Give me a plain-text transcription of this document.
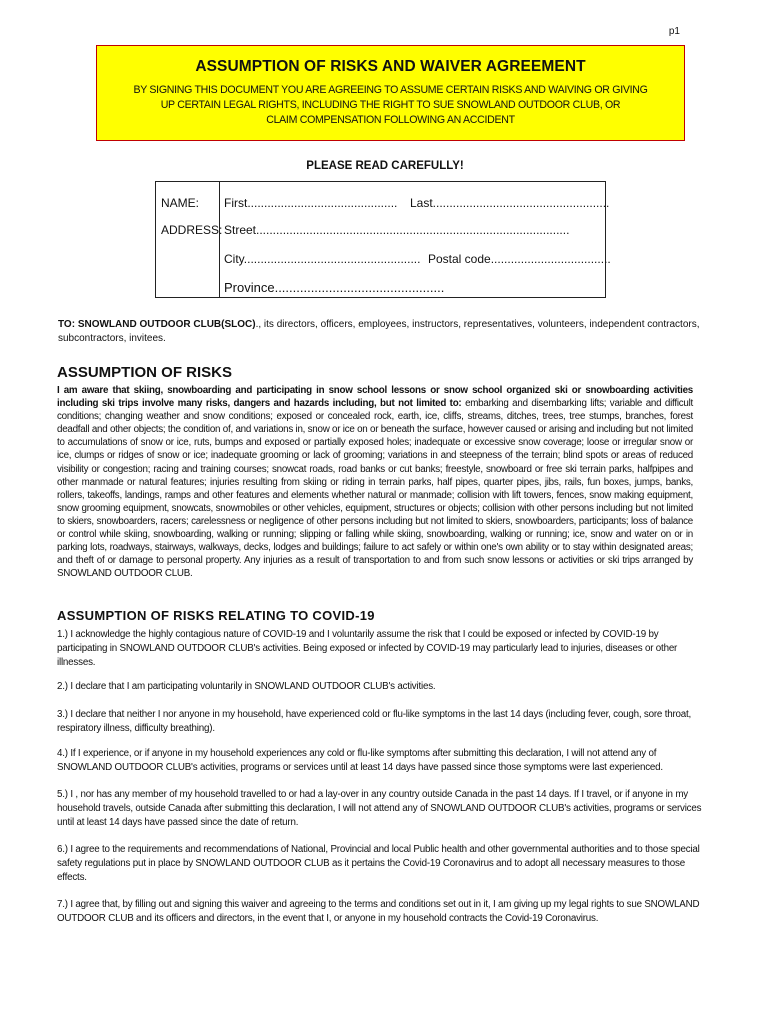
p1
ASSUMPTION OF RISKS AND WAIVER AGREEMENT
BY SIGNING THIS DOCUMENT YOU ARE AGREEING TO ASSUME CERTAIN RISKS AND WAIVING OR GIVING
UP CERTAIN LEGAL RIGHTS, INCLUDING THE RIGHT TO SUE SNOWLAND OUTDOOR CLUB, OR
CLAIM COMPENSATION FOLLOWING AN ACCIDENT
PLEASE READ CAREFULLY!
NAME:
ADDRESS:
First............................................. Last.....................................................
Street..............................................................................................
City..................................................... Postal code....................................
Province...............................................
TO: SNOWLAND OUTDOOR CLUB(SLOC)., its directors, officers, employees, instructors, representatives, volunteers, independent contractors,
subcontractors, invitees.
ASSUMPTION OF RISKS
I am aware that skiing, snowboarding and participating in snow school lessons or snow school organized ski or snowboarding activities including ski trips involve many risks, dangers and hazards including, but not limited to: embarking and disembarking lifts; variable and difficult conditions; changing weather and snow conditions; exposed or concealed rock, earth, ice, cliffs, streams, ditches, trees, tree stumps, branches, forest deadfall and other objects; the condition of, and variations in, snow or ice on or beneath the surface, however caused or arising and including but not limited to accumulations of snow or ice, ruts, bumps and exposed or partially exposed holes; inadequate or excessive snow coverage; loose or irregular snow or ice, clumps or ridges of snow or ice; inadequate grooming or lack of grooming; variations in and steepness of the terrain; blind spots or areas of reduced visibility or congestion; racing and training courses; snowcat roads, road banks or cut banks; freestyle, snowboard or free ski terrain parks, halfpipes and other manmade or natural features; injuries resulting from skiing or riding in terrain parks, half pipes, quarter pipes, jibs, rails, fun boxes, jumps, banks, rollers, takeoffs, landings, ramps and other features and elements whether natural or manmade; collision with lift towers, fences, snow making equipment, snow grooming equipment, snowcats, snowmobiles or other vehicles, equipment, structures or objects; collision with other persons including but not limited to skiers, snowboarders, racers; carelessness or negligence of other persons including but not limited to skiers, snowboarders, participants; loss of balance or control while skiing, snowboarding, walking or running; slipping or falling while skiing, snowboarding, walking or running; ice, snow and water on or in parking lots, roadways, stairways, walkways, decks, lodges and buildings; failure to act safely or within one's own ability or to stay within designated areas; and theft of or damage to personal property. Any injuries as a result of transportation to and from such snow lessons or activities or ski trips arranged by SNOWLAND OUTDOOR CLUB.
ASSUMPTION OF RISKS RELATING TO COVID-19
1.) I acknowledge the highly contagious nature of COVID-19 and I voluntarily assume the risk that I could be exposed or infected by COVID-19 by participating in SNOWLAND OUTDOOR CLUB's activities. Being exposed or infected by COVID-19 may particularly lead to injuries, diseases or other illnesses.
2.) I declare that I am participating voluntarily in SNOWLAND OUTDOOR CLUB's activities.
3.) I declare that neither I nor anyone in my household, have experienced cold or flu-like symptoms in the last 14 days (including fever, cough, sore throat, respiratory illness, difficulty breathing).
4.) If I experience, or if anyone in my household experiences any cold or flu-like symptoms after submitting this declaration, I will not attend any of SNOWLAND OUTDOOR CLUB's activities, programs or services until at least 14 days have passed since those symptoms were last experienced.
5.) I , nor has any member of my household travelled to or had a lay-over in any country outside Canada in the past 14 days. If I travel, or if anyone in my household travels, outside Canada after submitting this declaration, I will not attend any of SNOWLAND OUTDOOR CLUB's activities, programs or services until at least 14 days have passed since the date of return.
6.) I agree to the requirements and recommendations of National, Provincial and local Public health and other governmental authorities and to those special safety regulations put in place by SNOWLAND OUTDOOR CLUB as it pertains the Covid-19 Coronavirus and to adopt all necessary measures to those effects.
7.) I agree that, by filling out and signing this waiver and agreeing to the terms and conditions set out in it, I am giving up my legal rights to sue SNOWLAND OUTDOOR CLUB and its officers and directors, in the event that I, or anyone in my household contracts the Covid-19 Coronavirus.
